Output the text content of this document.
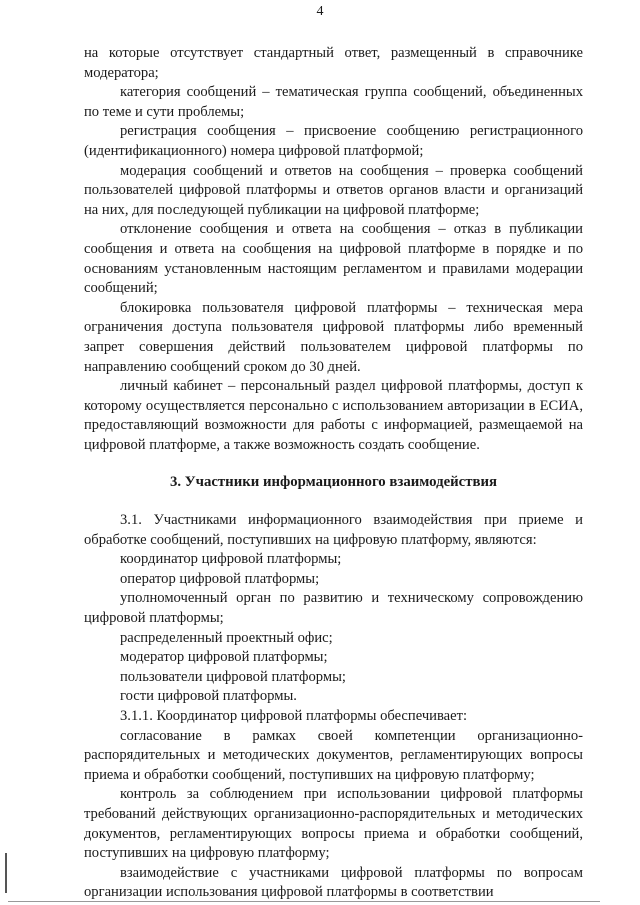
4

на которые отсутствует стандартный ответ, размещенный в справочнике модератора;

категория сообщений – тематическая группа сообщений, объединенных по теме и сути проблемы;

регистрация сообщения – присвоение сообщению регистрационного (идентификационного) номера цифровой платформой;

модерация сообщений и ответов на сообщения – проверка сообщений пользователей цифровой платформы и ответов органов власти и организаций на них, для последующей публикации на цифровой платформе;

отклонение сообщения и ответа на сообщения – отказ в публикации сообщения и ответа на сообщения на цифровой платформе в порядке и по основаниям установленным настоящим регламентом и правилами модерации сообщений;

блокировка пользователя цифровой платформы – техническая мера ограничения доступа пользователя цифровой платформы либо временный запрет совершения действий пользователем цифровой платформы по направлению сообщений сроком до 30 дней.

личный кабинет – персональный раздел цифровой платформы, доступ к которому осуществляется персонально с использованием авторизации в ЕСИА, предоставляющий возможности для работы с информацией, размещаемой на цифровой платформе, а также возможность создать сообщение.

3. Участники информационного взаимодействия

3.1. Участниками информационного взаимодействия при приеме и обработке сообщений, поступивших на цифровую платформу, являются:

координатор цифровой платформы;

оператор цифровой платформы;

уполномоченный орган по развитию и техническому сопровождению цифровой платформы;

распределенный проектный офис;

модератор цифровой платформы;

пользователи цифровой платформы;

гости цифровой платформы.

3.1.1. Координатор цифровой платформы обеспечивает:

согласование в рамках своей компетенции организационно-распорядительных и методических документов, регламентирующих вопросы приема и обработки сообщений, поступивших на цифровую платформу;

контроль за соблюдением при использовании цифровой платформы требований действующих организационно-распорядительных и методических документов, регламентирующих вопросы приема и обработки сообщений, поступивших на цифровую платформу;

взаимодействие с участниками цифровой платформы по вопросам организации использования цифровой платформы в соответствии
